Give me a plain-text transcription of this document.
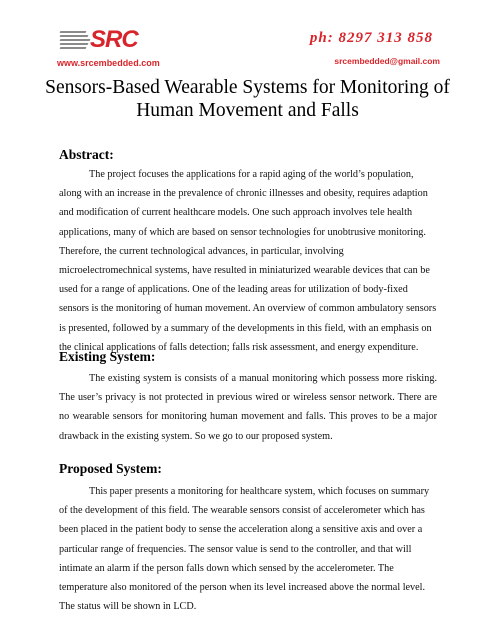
SRC
www.srcembedded.com
ph: 8297 313 858
srcembedded@gmail.com
Sensors-Based Wearable Systems for Monitoring of Human Movement and Falls
Abstract:

The project focuses the applications for a rapid aging of the world’s population, along with an increase in the prevalence of chronic illnesses and obesity, requires adaption and modification of current healthcare models. One such approach involves tele health applications, many of which are based on sensor technologies for unobtrusive monitoring. Therefore, the current technological advances, in particular, involving microelectromechnical systems, have resulted in miniaturized wearable devices that can be used for a range of applications. One of the leading areas for utilization of body-fixed sensors is the monitoring of human movement. An overview of common ambulatory sensors is presented, followed by a summary of the developments in this field, with an emphasis on the clinical applications of falls detection; falls risk assessment, and energy expenditure.

Existing System:

The existing system is consists of a manual monitoring which possess more risking. The user’s privacy is not protected in previous wired or wireless sensor network. There are no wearable sensors for monitoring human movement and falls. This proves to be a major drawback in the existing system. So we go to our proposed system.

Proposed System:

This paper presents a monitoring for healthcare system, which focuses on summary of the development of this field. The wearable sensors consist of accelerometer which has been placed in the patient body to sense the acceleration along a sensitive axis and over a particular range of frequencies. The sensor value is send to the controller, and that will intimate an alarm if the person falls down which sensed by the accelerometer. The temperature also monitored of the person when its level increased above the normal level. The status will be shown in LCD.
